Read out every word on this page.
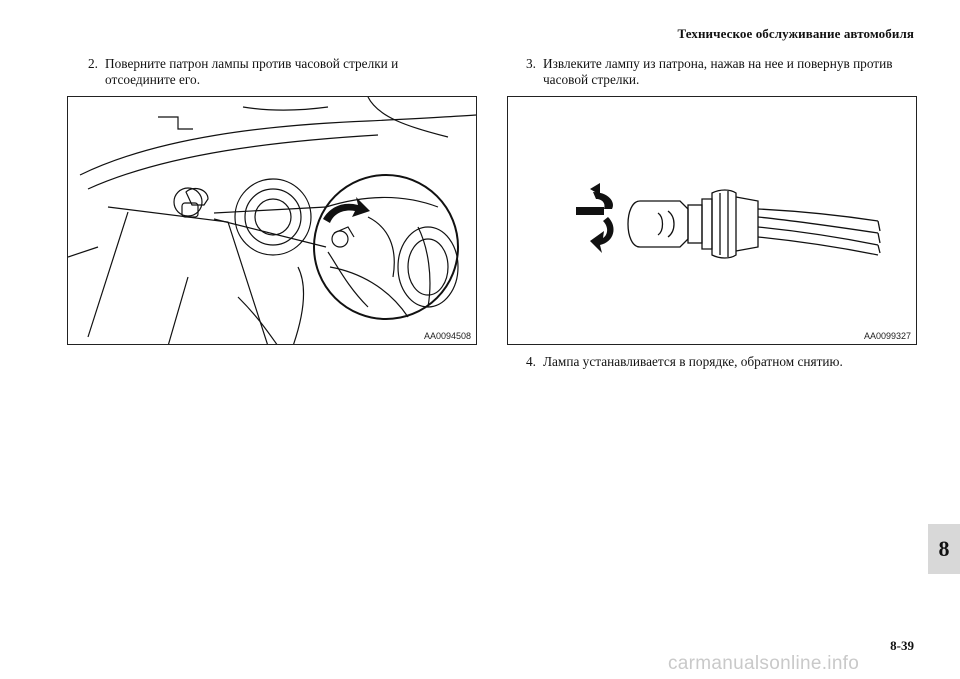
Техническое обслуживание автомобиля
2. Поверните патрон лампы против часовой стрелки и отсоедините его.
3. Извлеките лампу из патрона, нажав на нее и повернув против часовой стрелки.
AA0094508	AA0099327
4. Лампа устанавливается в порядке, обратном снятию.
8
8-39
carmanualsonline.info
